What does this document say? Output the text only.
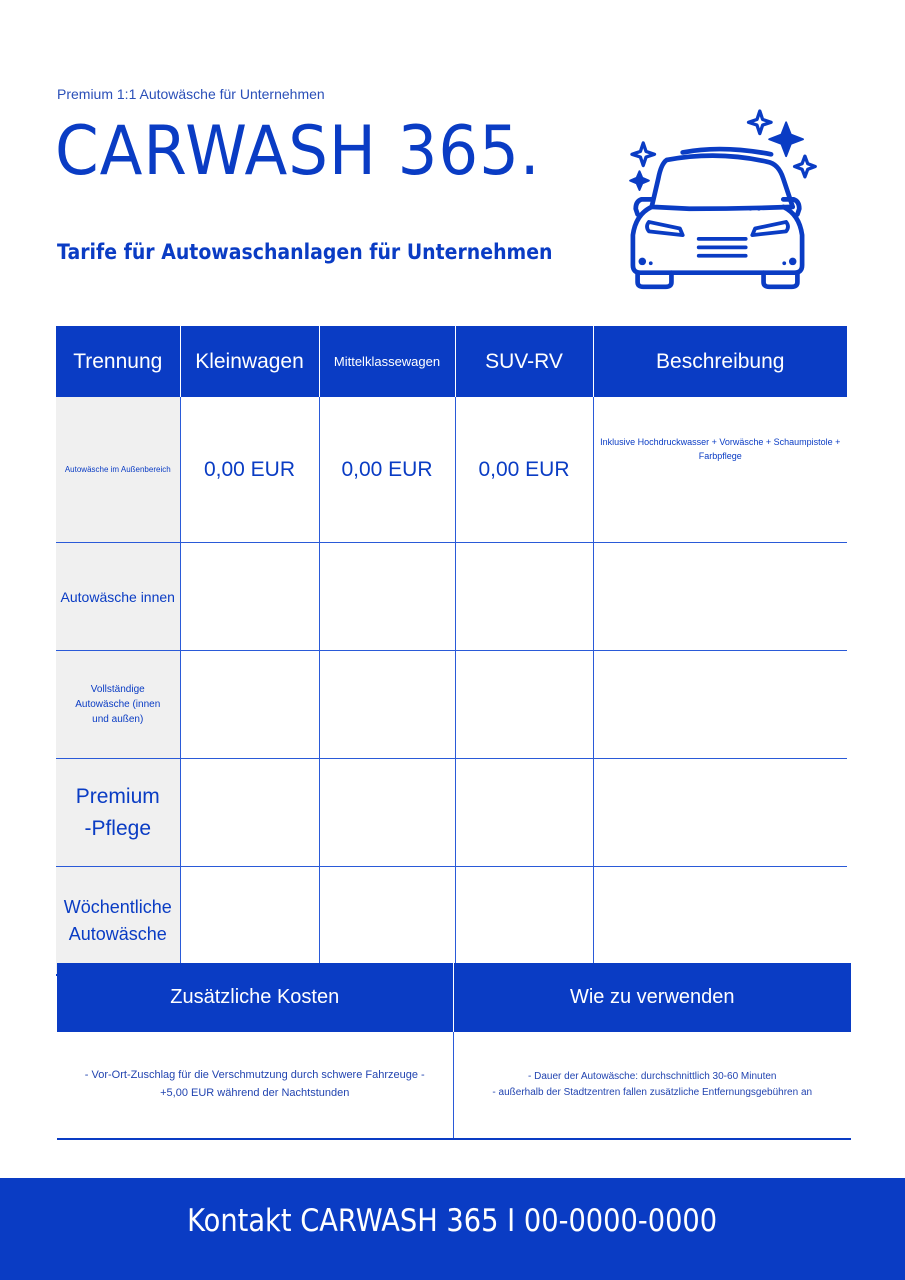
Premium 1:1 Autowäsche für Unternehmen
CARWASH 365.
Tarife für Autowaschanlagen für Unternehmen
Trennung	Kleinwagen	Mittelklassewagen	SUV-RV	Beschreibung
Autowäsche im Außenbereich	0,00 EUR	0,00 EUR	0,00 EUR	Inklusive Hochdruckwasser + Vorwäsche + Schaumpistole + Farbpflege
Autowäsche innen				
Vollständige Autowäsche (innen und außen)				
Premium -Pflege				
Wöchentliche Autowäsche				
Zusätzliche Kosten	Wie zu verwenden

- Vor-Ort-Zuschlag für die Verschmutzung durch schwere Fahrzeuge -
+5,00 EUR während der Nachtstunden

- Dauer der Autowäsche: durchschnittlich 30-60 Minuten
- außerhalb der Stadtzentren fallen zusätzliche Entfernungsgebühren an
Kontakt CARWASH 365 I 00-0000-0000
